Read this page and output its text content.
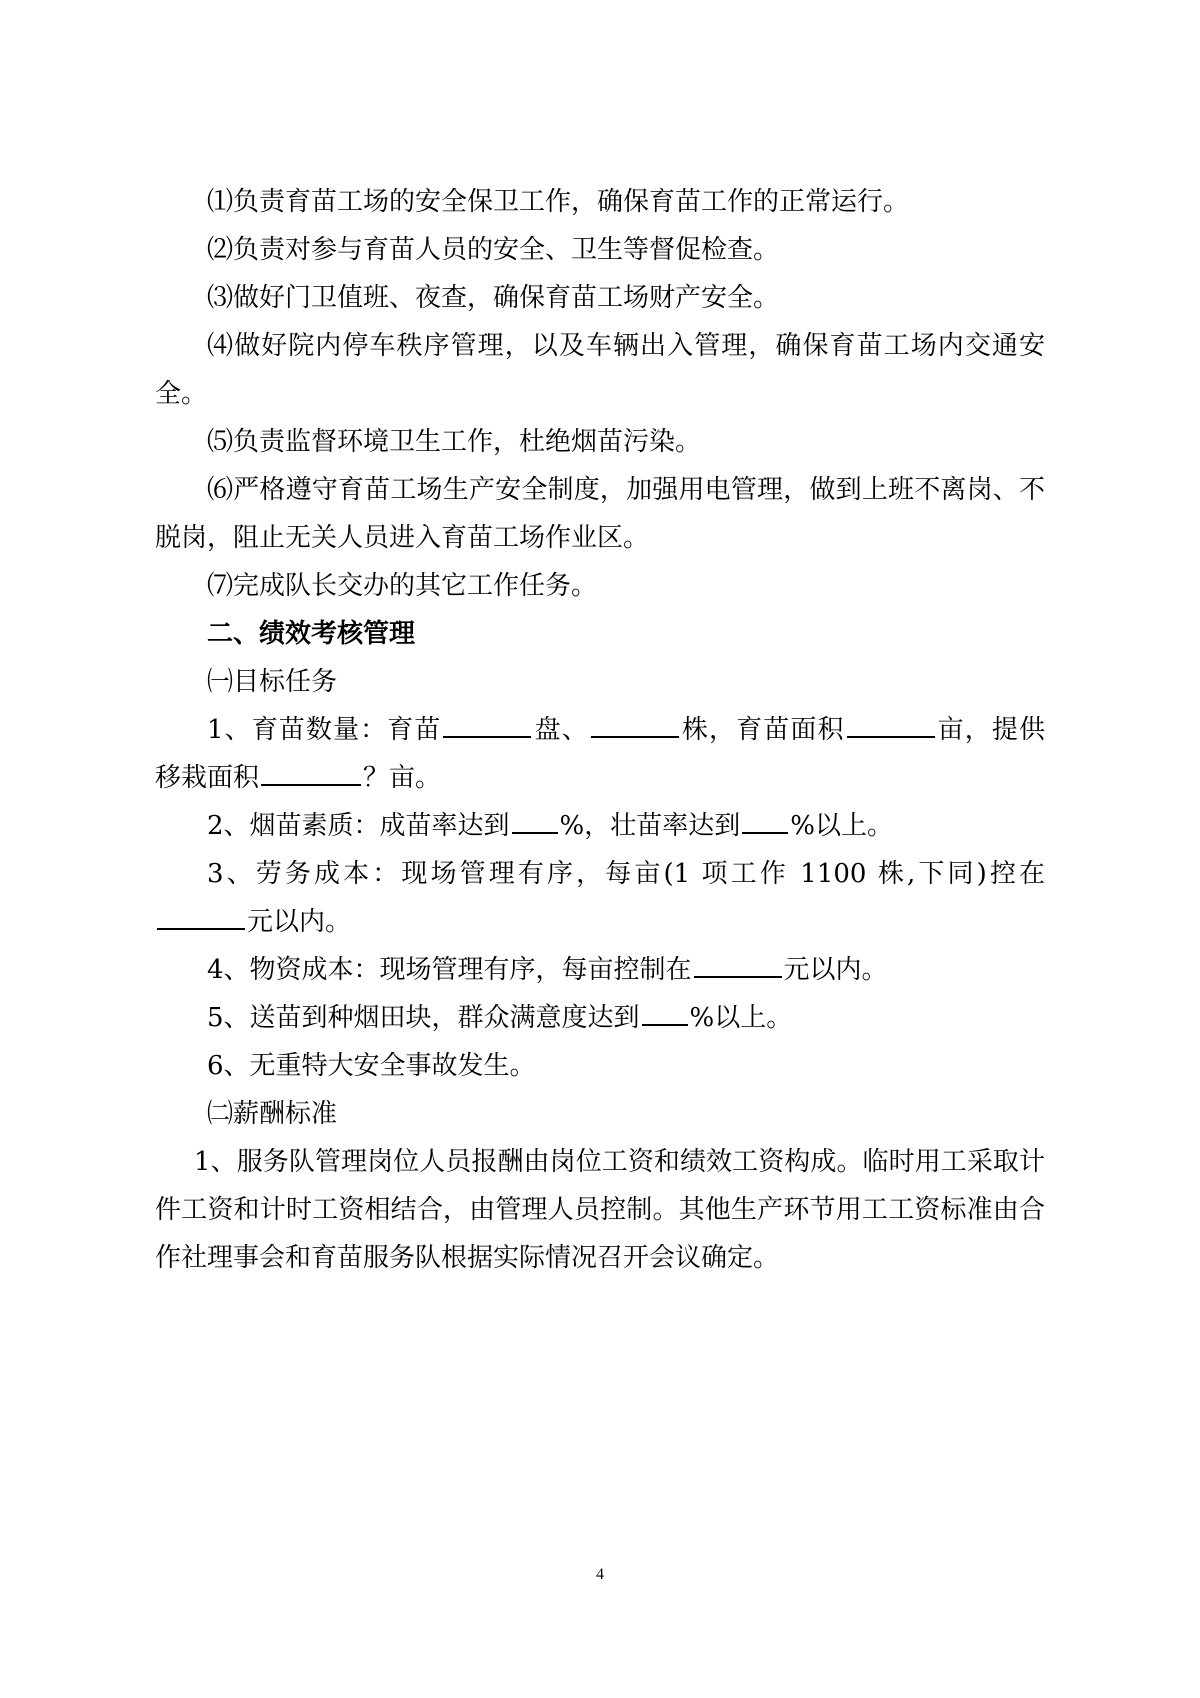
⑴负责育苗工场的安全保卫工作，确保育苗工作的正常运行。

⑵负责对参与育苗人员的安全、卫生等督促检查。

⑶做好门卫值班、夜查，确保育苗工场财产安全。

⑷做好院内停车秩序管理，以及车辆出入管理，确保育苗工场内交通安全。

⑸负责监督环境卫生工作，杜绝烟苗污染。

⑹严格遵守育苗工场生产安全制度，加强用电管理，做到上班不离岗、不脱岗，阻止无关人员进入育苗工场作业区。

⑺完成队长交办的其它工作任务。

二、绩效考核管理

㈠目标任务

1、育苗数量：育苗	盘、	株，育苗面积	亩，提供移栽面积	？亩。

2、烟苗素质：成苗率达到 %，壮苗率达到 %以上。

3、劳务成本：现场管理有序，每亩(1 项工作 1100 株,下同)控在元以内。

4、物资成本：现场管理有序，每亩控制在	元以内。

5、送苗到种烟田块，群众满意度达到 %以上。

6、无重特大安全事故发生。

㈡薪酬标准

1、服务队管理岗位人员报酬由岗位工资和绩效工资构成。临时用工采取计件工资和计时工资相结合，由管理人员控制。其他生产环节用工工资标准由合作社理事会和育苗服务队根据实际情况召开会议确定。

4
